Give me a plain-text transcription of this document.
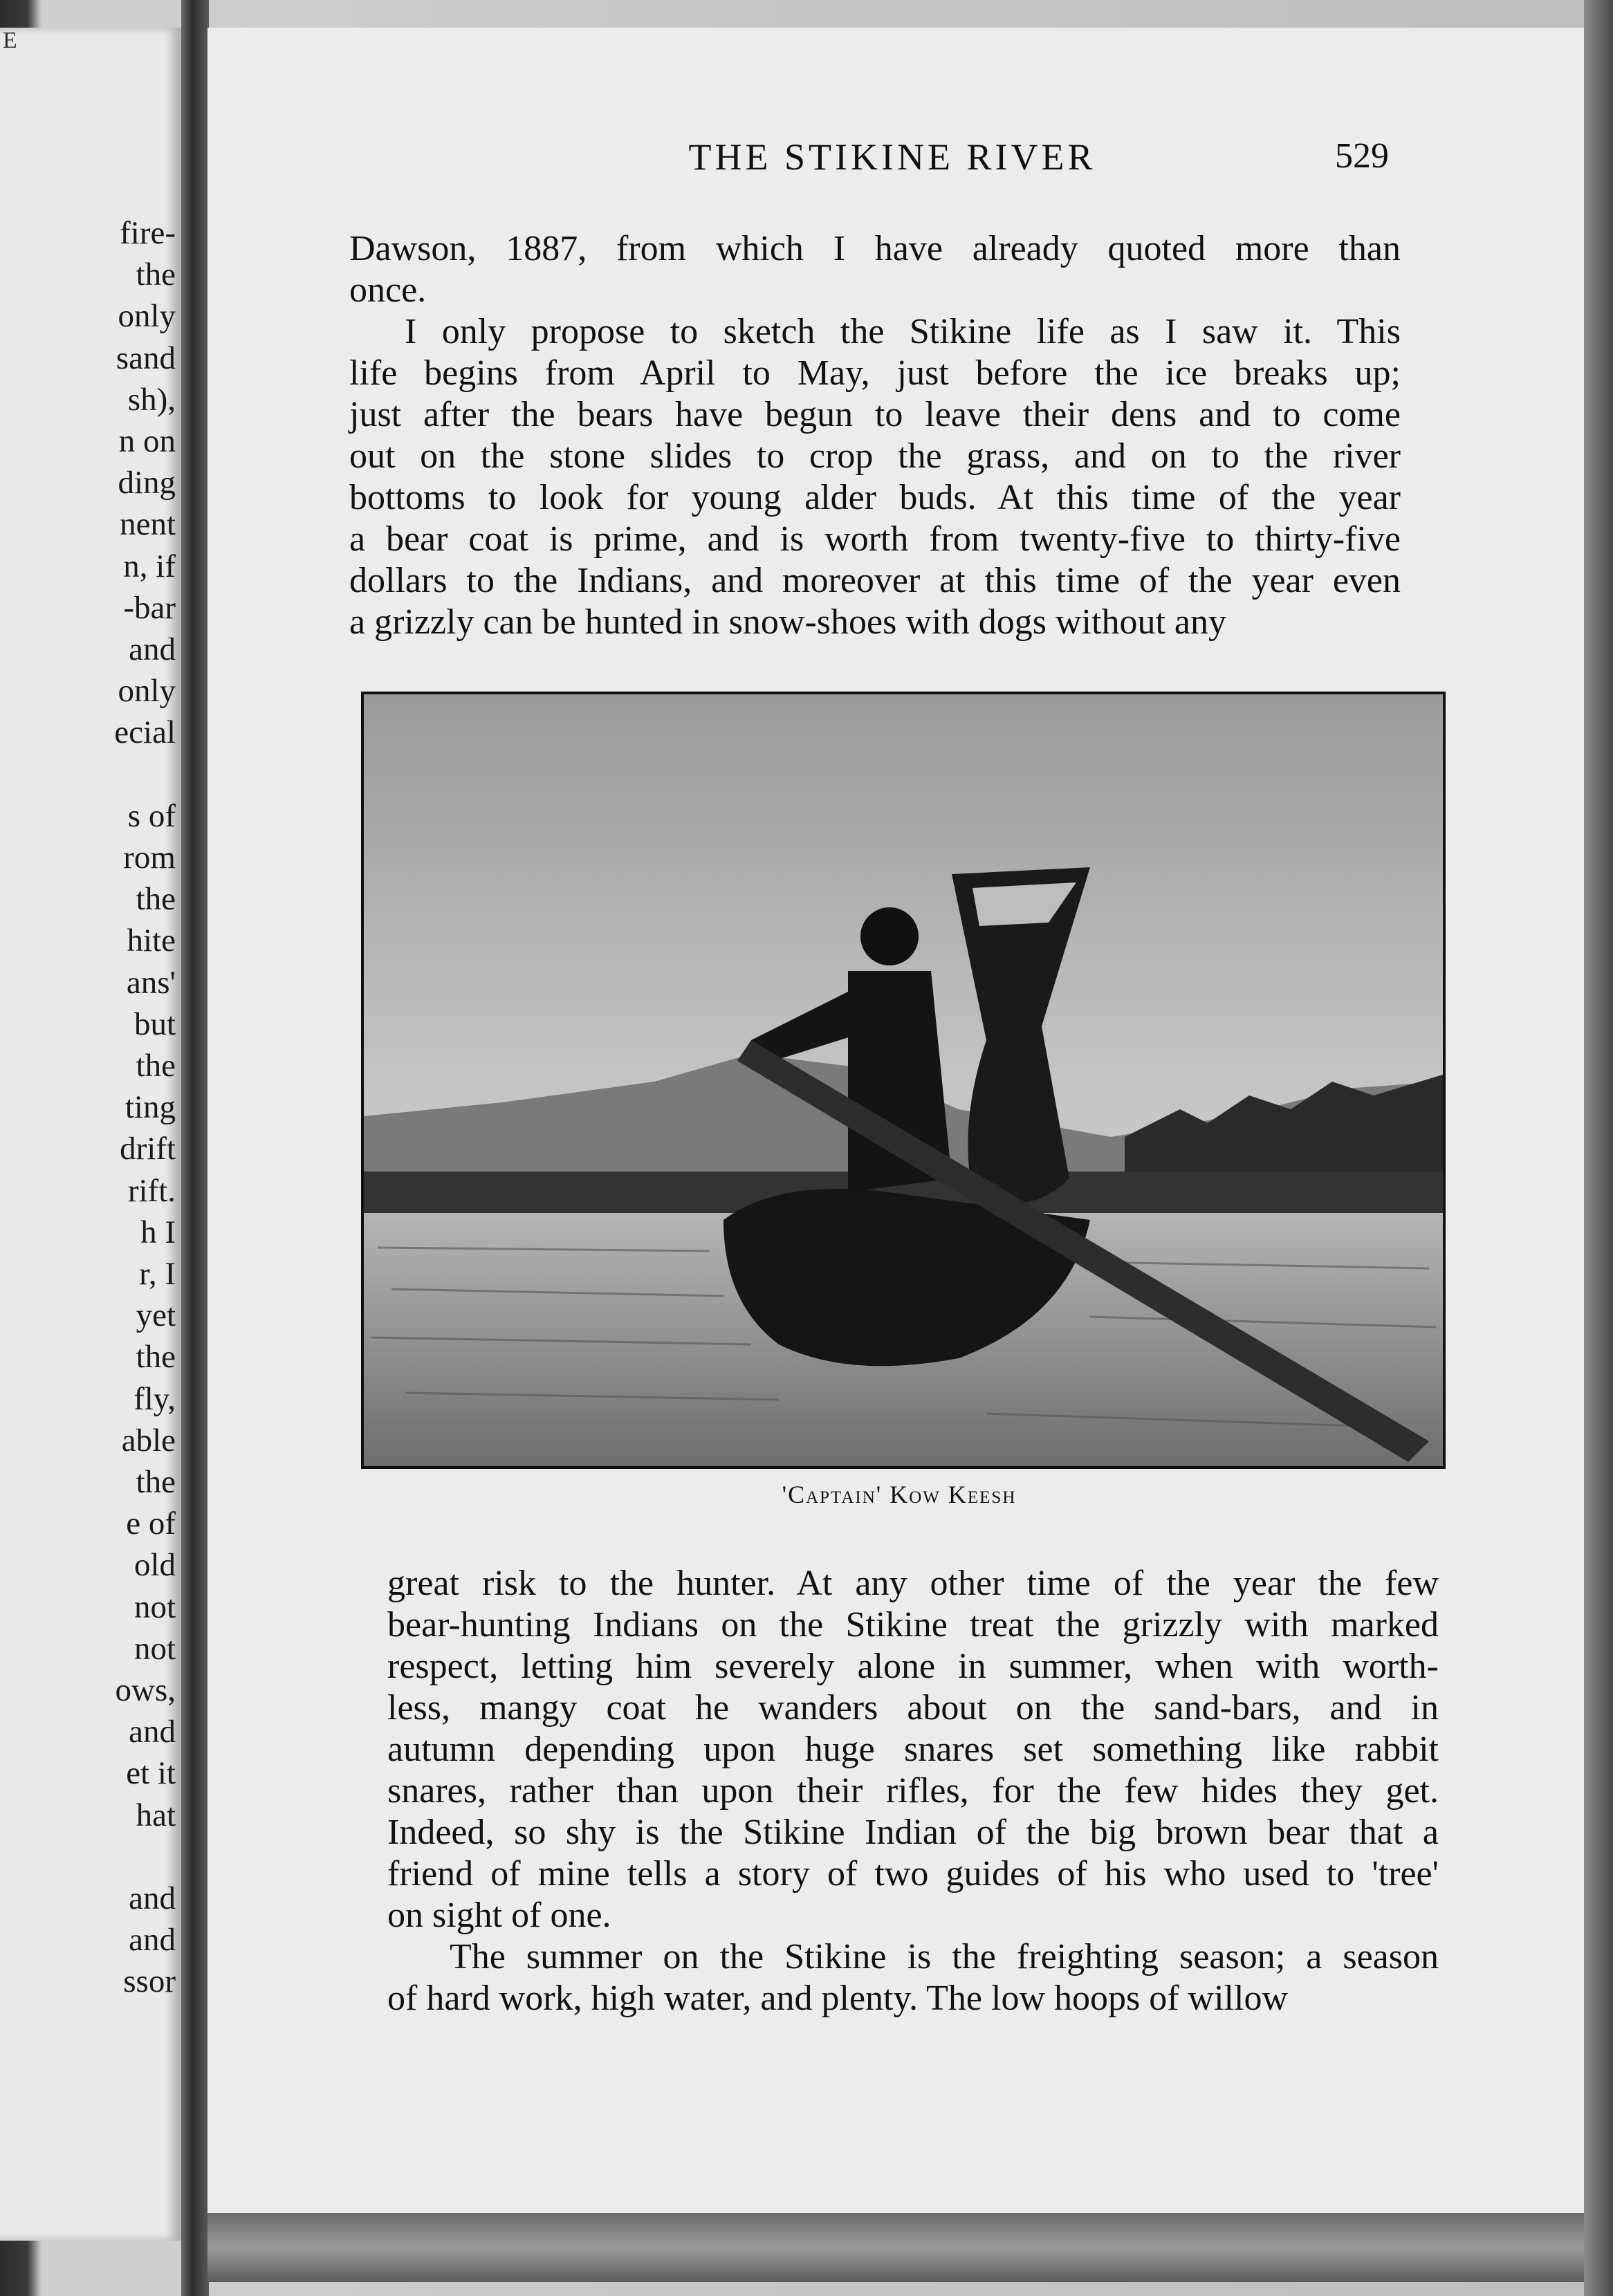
E
fire-
the
only
sand
sh),
n on
ding
nent
n, if
-bar
and
only
ecial
s of
rom
the
hite
ans'
but
the
ting
drift
rift.
h I
r, I
yet
the
fly,
able
the
e of
old
not
not
ows,
and
et it
hat
and
and
ssor
THE STIKINE RIVER	529
Dawson, 1887, from which I have already quoted more than
once.
I only propose to sketch the Stikine life as I saw it. This
life begins from April to May, just before the ice breaks up;
just after the bears have begun to leave their dens and to come
out on the stone slides to crop the grass, and on to the river
bottoms to look for young alder buds. At this time of the year
a bear coat is prime, and is worth from twenty-five to thirty-five
dollars to the Indians, and moreover at this time of the year even
a grizzly can be hunted in snow-shoes with dogs without any
great risk to the hunter. At any other time of the year the few
bear-hunting Indians on the Stikine treat the grizzly with marked
respect, letting him severely alone in summer, when with worth-
less, mangy coat he wanders about on the sand-bars, and in
autumn depending upon huge snares set something like rabbit
snares, rather than upon their rifles, for the few hides they get.
Indeed, so shy is the Stikine Indian of the big brown bear that a
friend of mine tells a story of two guides of his who used to 'tree'
on sight of one.
The summer on the Stikine is the freighting season; a season
of hard work, high water, and plenty. The low hoops of willow
'Captain' Kow Keesh
